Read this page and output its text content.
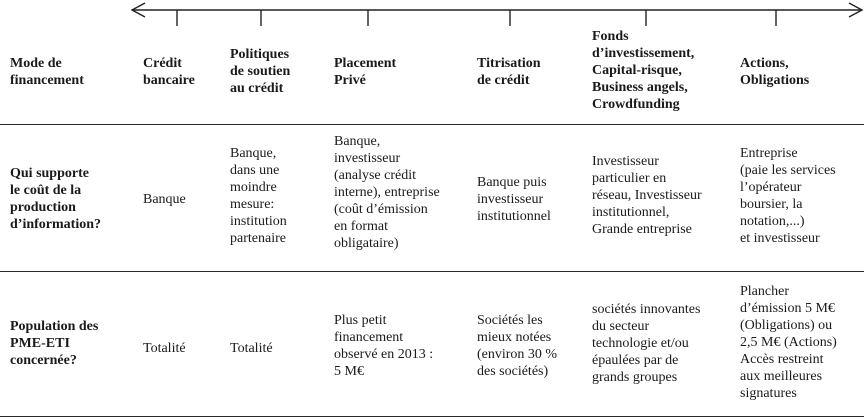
Mode de
financement

Crédit
bancaire

Politiques
de soutien
au crédit

Placement
Privé

Titrisation
de crédit

Fonds
d’investissement,
Capital-risque,
Business angels,
Crowdfunding

Actions,
Obligations

Qui supporte
le coût de la
production
d’information?

Banque

Banque,
dans une
moindre
mesure:
institution
partenaire

Banque,
investisseur
(analyse crédit
interne), entreprise
(coût d’émission
en format
obligataire)

Banque puis
investisseur
institutionnel

Investisseur
particulier en
réseau, Investisseur
institutionnel,
Grande entreprise

Entreprise
(paie les services
l’opérateur
boursier, la
notation,...)
et investisseur

Population des
PME-ETI
concernée?

Totalité	Totalité

Plus petit
financement
observé en 2013 :
5 M€

Sociétés les
mieux notées
(environ 30 %
des sociétés)

sociétés innovantes
du secteur
technologie et/ou
épaulées par de
grands groupes

Plancher
d’émission 5 M€
(Obligations) ou
2,5 M€ (Actions)
Accès restreint
aux meilleures
signatures
